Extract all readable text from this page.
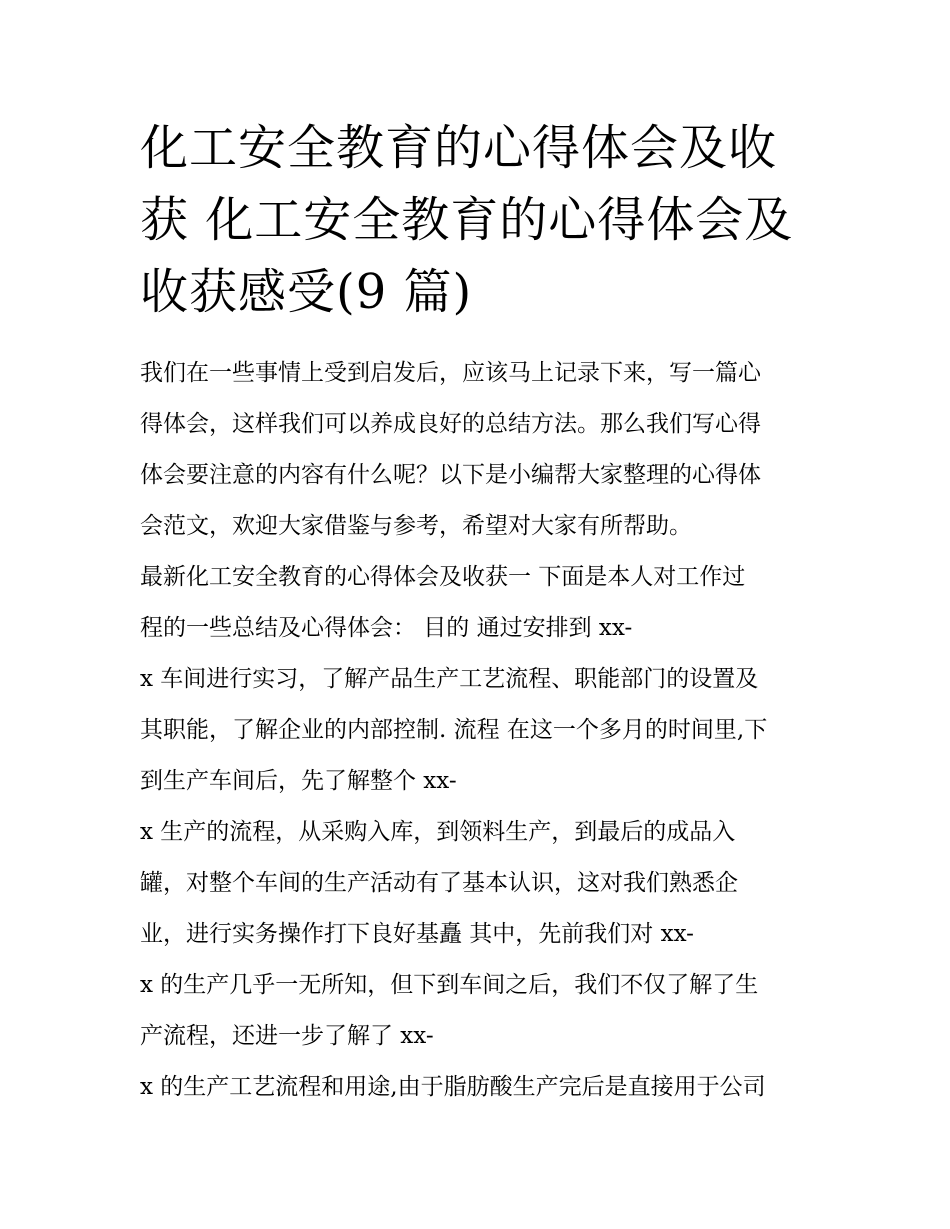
化工安全教育的心得体会及收
获 化工安全教育的心得体会及
收获感受(9 篇)
我们在一些事情上受到启发后，应该马上记录下来，写一篇心
得体会，这样我们可以养成良好的总结方法。那么我们写心得
体会要注意的内容有什么呢？以下是小编帮大家整理的心得体
会范文，欢迎大家借鉴与参考，希望对大家有所帮助。
最新化工安全教育的心得体会及收获一 下面是本人对工作过
程的一些总结及心得体会： 目的 通过安排到 xx-
x 车间进行实习，了解产品生产工艺流程、职能部门的设置及
其职能，了解企业的内部控制. 流程 在这一个多月的时间里,下
到生产车间后，先了解整个 xx-
x 生产的流程，从采购入库，到领料生产，到最后的成品入
罐，对整个车间的生产活动有了基本认识，这对我们熟悉企
业，进行实务操作打下良好基矗 其中，先前我们对 xx-
x 的生产几乎一无所知，但下到车间之后，我们不仅了解了生
产流程，还进一步了解了 xx-
x 的生产工艺流程和用途,由于脂肪酸生产完后是直接用于公司
